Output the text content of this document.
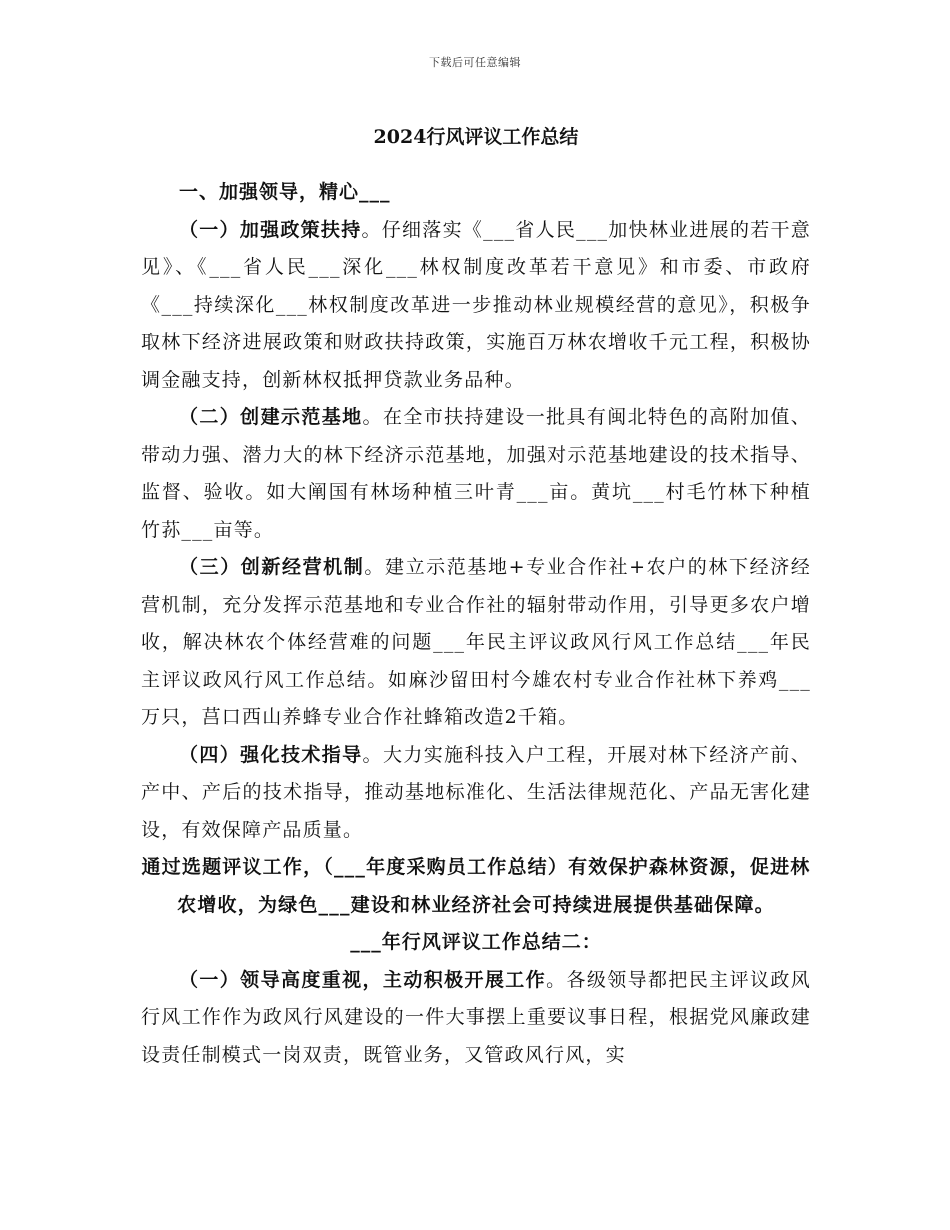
下载后可任意编辑
2024行风评议工作总结

一、加强领导，精心___

（一）加强政策扶持。仔细落实《___省人民___加快林业进展的若干意见》、《___省人民___深化___林权制度改革若干意见》和市委、市政府《___持续深化___林权制度改革进一步推动林业规模经营的意见》，积极争取林下经济进展政策和财政扶持政策，实施百万林农增收千元工程，积极协调金融支持，创新林权抵押贷款业务品种。

（二）创建示范基地。在全市扶持建设一批具有闽北特色的高附加值、带动力强、潜力大的林下经济示范基地，加强对示范基地建设的技术指导、监督、验收。如大阐国有林场种植三叶青___亩。黄坑___村毛竹林下种植竹荪___亩等。

（三）创新经营机制。建立示范基地+专业合作社+农户的林下经济经营机制，充分发挥示范基地和专业合作社的辐射带动作用，引导更多农户增收，解决林农个体经营难的问题___年民主评议政风行风工作总结___年民主评议政风行风工作总结。如麻沙留田村今雄农村专业合作社林下养鸡___万只，莒口西山养蜂专业合作社蜂箱改造2千箱。

（四）强化技术指导。大力实施科技入户工程，开展对林下经济产前、产中、产后的技术指导，推动基地标准化、生活法律规范化、产品无害化建设，有效保障产品质量。

通过选题评议工作，（___年度采购员工作总结）有效保护森林资源，促进林农增收，为绿色___建设和林业经济社会可持续进展提供基础保障。

___年行风评议工作总结二：

（一）领导高度重视，主动积极开展工作。各级领导都把民主评议政风行风工作作为政风行风建设的一件大事摆上重要议事日程，根据党风廉政建设责任制模式一岗双责，既管业务，又管政风行风，实
